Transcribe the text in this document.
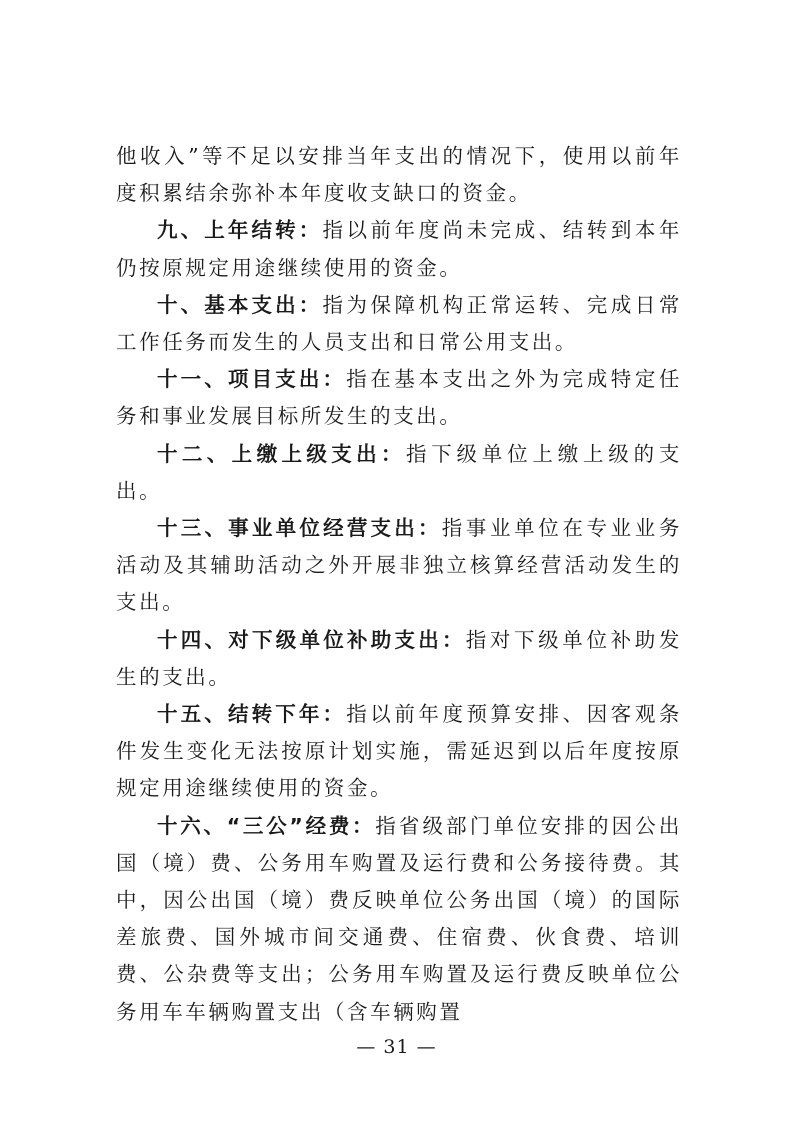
他收入”等不足以安排当年支出的情况下，使用以前年度积累结余弥补本年度收支缺口的资金。

九、上年结转：指以前年度尚未完成、结转到本年仍按原规定用途继续使用的资金。

十、基本支出：指为保障机构正常运转、完成日常工作任务而发生的人员支出和日常公用支出。

十一、项目支出：指在基本支出之外为完成特定任务和事业发展目标所发生的支出。

十二、上缴上级支出：指下级单位上缴上级的支出。

十三、事业单位经营支出：指事业单位在专业业务活动及其辅助活动之外开展非独立核算经营活动发生的支出。

十四、对下级单位补助支出：指对下级单位补助发生的支出。

十五、结转下年：指以前年度预算安排、因客观条件发生变化无法按原计划实施，需延迟到以后年度按原规定用途继续使用的资金。

十六、“三公”经费：指省级部门单位安排的因公出国（境）费、公务用车购置及运行费和公务接待费。其中，因公出国（境）费反映单位公务出国（境）的国际差旅费、国外城市间交通费、住宿费、伙食费、培训费、公杂费等支出；公务用车购置及运行费反映单位公务用车车辆购置支出（含车辆购置

— 31 —
